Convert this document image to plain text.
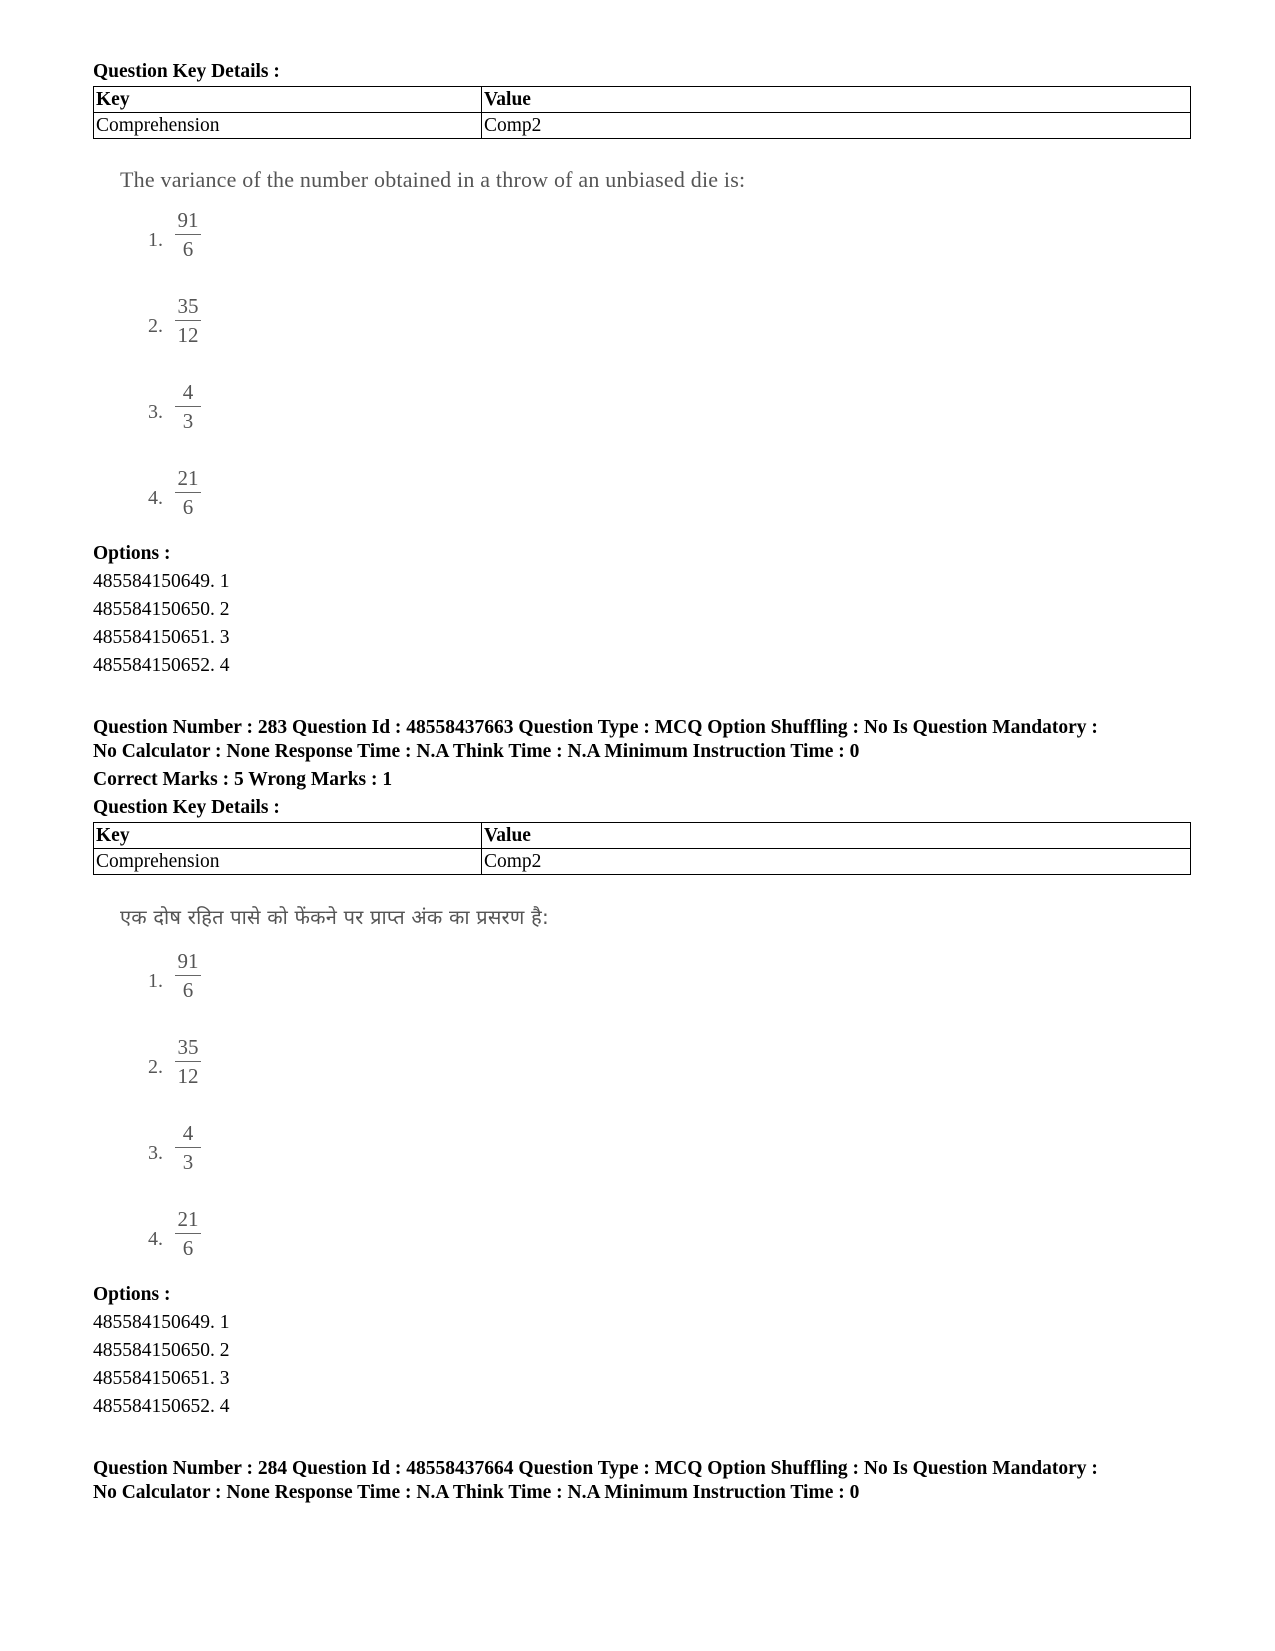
Question Key Details :
Key	Value
Comprehension	Comp2
The variance of the number obtained in a throw of an unbiased die is:
1.
91
6
2.
35
12
3.
4
3
4.
21
6
Options :
485584150649. 1
485584150650. 2
485584150651. 3
485584150652. 4
Question Number : 283 Question Id : 48558437663 Question Type : MCQ Option Shuffling : No Is Question Mandatory :
No Calculator : None Response Time : N.A Think Time : N.A Minimum Instruction Time : 0
Correct Marks : 5 Wrong Marks : 1
Question Key Details :
Key	Value
Comprehension	Comp2
एक दोष रहित पासे को फेंकने पर प्राप्त अंक का प्रसरण है:
1.
91
6
2.
35
12
3.
4
3
4.
21
6
Options :
485584150649. 1
485584150650. 2
485584150651. 3
485584150652. 4
Question Number : 284 Question Id : 48558437664 Question Type : MCQ Option Shuffling : No Is Question Mandatory :
No Calculator : None Response Time : N.A Think Time : N.A Minimum Instruction Time : 0
